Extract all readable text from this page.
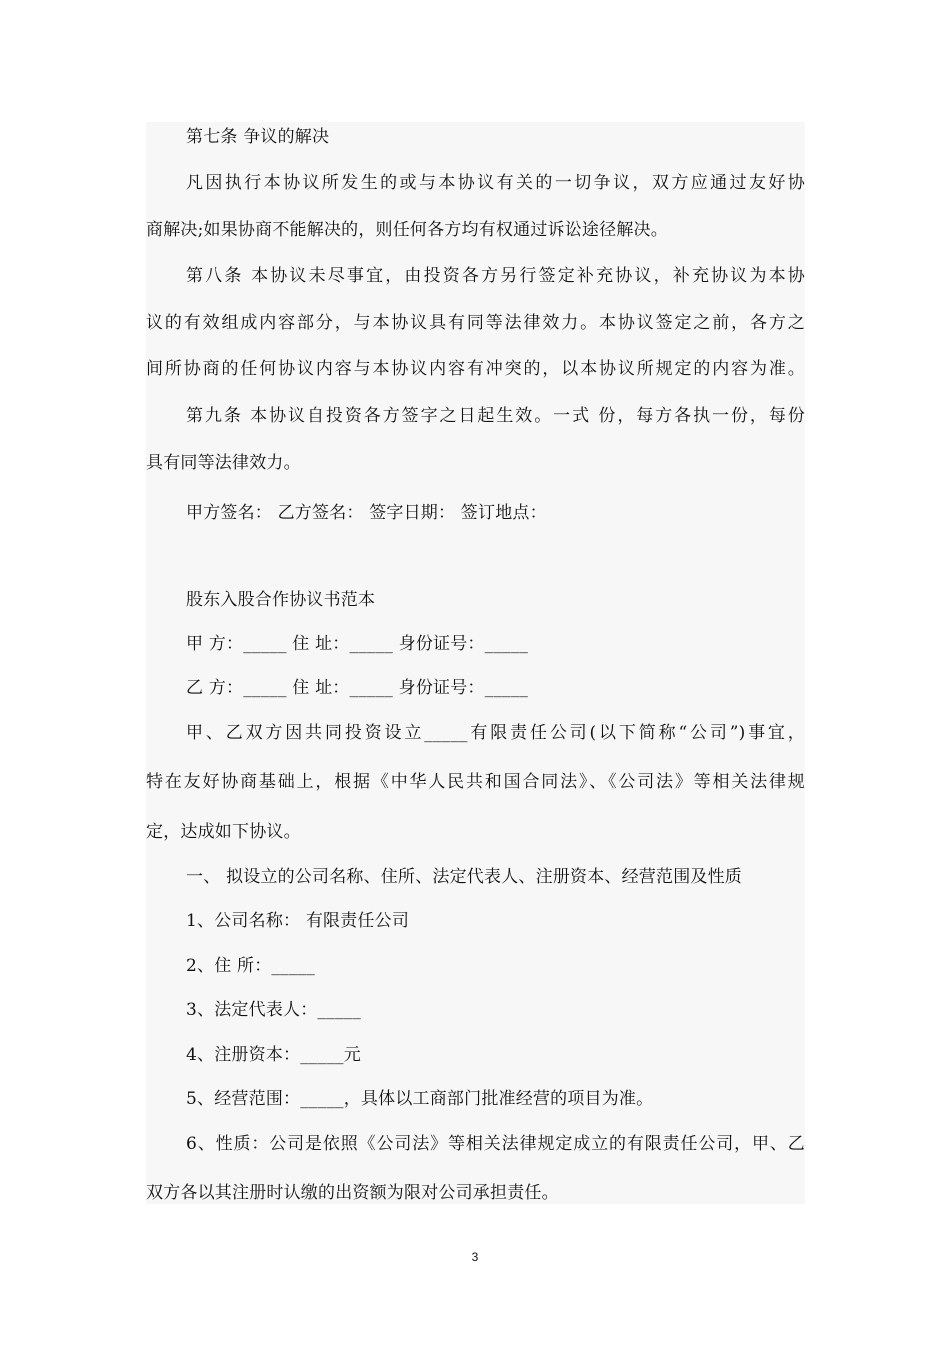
第七条 争议的解决
凡因执行本协议所发生的或与本协议有关的一切争议，双方应通过友好协
商解决;如果协商不能解决的，则任何各方均有权通过诉讼途径解决。
第八条 本协议未尽事宜，由投资各方另行签定补充协议，补充协议为本协
议的有效组成内容部分，与本协议具有同等法律效力。本协议签定之前，各方之
间所协商的任何协议内容与本协议内容有冲突的，以本协议所规定的内容为准。
第九条 本协议自投资各方签字之日起生效。一式 份，每方各执一份，每份
具有同等法律效力。
甲方签名： 乙方签名： 签字日期： 签订地点：
股东入股合作协议书范本
甲 方：_____ 住 址：_____ 身份证号：_____
乙 方：_____ 住 址：_____ 身份证号：_____
甲、乙双方因共同投资设立_____有限责任公司(以下简称“公司”)事宜，
特在友好协商基础上，根据《中华人民共和国合同法》、《公司法》等相关法律规
定，达成如下协议。
一、 拟设立的公司名称、住所、法定代表人、注册资本、经营范围及性质
1、公司名称： 有限责任公司
2、住 所：_____
3、法定代表人：_____
4、注册资本：_____元
5、经营范围：_____，具体以工商部门批准经营的项目为准。
6、性质：公司是依照《公司法》等相关法律规定成立的有限责任公司，甲、乙
双方各以其注册时认缴的出资额为限对公司承担责任。
3
